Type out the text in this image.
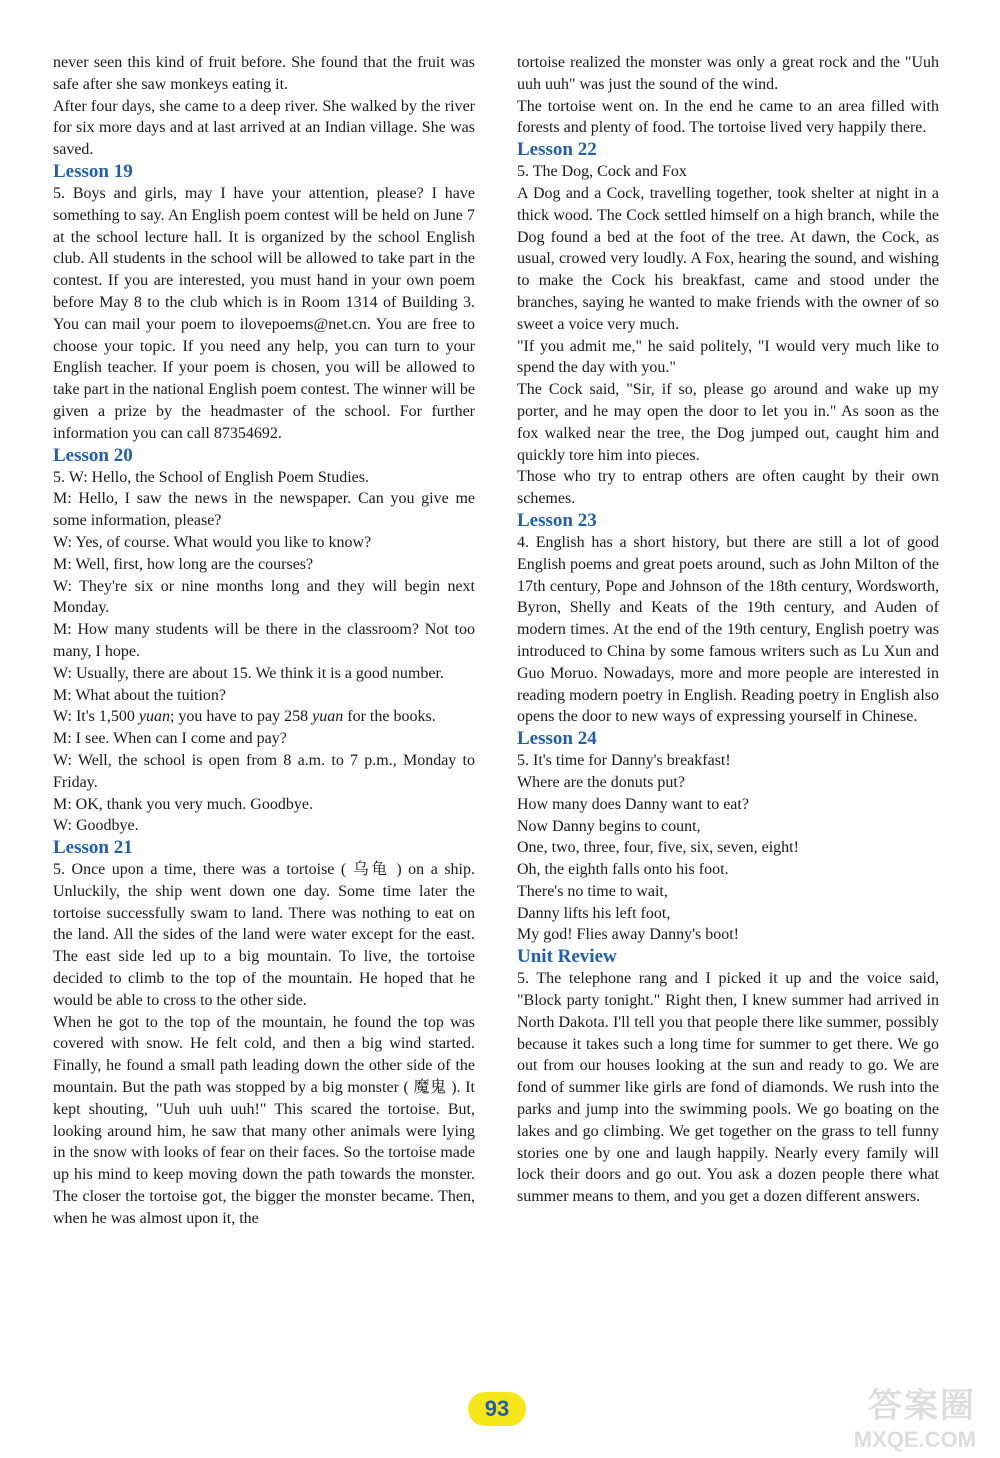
never seen this kind of fruit before. She found that the fruit was safe after she saw monkeys eating it.

After four days, she came to a deep river. She walked by the river for six more days and at last arrived at an Indian village. She was saved.

Lesson 19

5. Boys and girls, may I have your attention, please? I have something to say. An English poem contest will be held on June 7 at the school lecture hall. It is organized by the school English club. All students in the school will be allowed to take part in the contest. If you are interested, you must hand in your own poem before May 8 to the club which is in Room 1314 of Building 3. You can mail your poem to ilovepoems@net.cn. You are free to choose your topic. If you need any help, you can turn to your English teacher. If your poem is chosen, you will be allowed to take part in the national English poem contest. The winner will be given a prize by the headmaster of the school. For further information you can call 87354692.

Lesson 20

5. W: Hello, the School of English Poem Studies.

M: Hello, I saw the news in the newspaper. Can you give me some information, please?

W: Yes, of course. What would you like to know?

M: Well, first, how long are the courses?

W: They're six or nine months long and they will begin next Monday.

M: How many students will be there in the classroom? Not too many, I hope.

W: Usually, there are about 15. We think it is a good number.

M: What about the tuition?

W: It's 1,500 yuan; you have to pay 258 yuan for the books.

M: I see. When can I come and pay?

W: Well, the school is open from 8 a.m. to 7 p.m., Monday to Friday.

M: OK, thank you very much. Goodbye.

W: Goodbye.

Lesson 21

5. Once upon a time, there was a tortoise ( 乌龟 ) on a ship. Unluckily, the ship went down one day. Some time later the tortoise successfully swam to land. There was nothing to eat on the land. All the sides of the land were water except for the east. The east side led up to a big mountain. To live, the tortoise decided to climb to the top of the mountain. He hoped that he would be able to cross to the other side.

When he got to the top of the mountain, he found the top was covered with snow. He felt cold, and then a big wind started. Finally, he found a small path leading down the other side of the mountain. But the path was stopped by a big monster ( 魔鬼 ). It kept shouting, "Uuh uuh uuh!" This scared the tortoise. But, looking around him, he saw that many other animals were lying in the snow with looks of fear on their faces. So the tortoise made up his mind to keep moving down the path towards the monster. The closer the tortoise got, the bigger the monster became. Then, when he was almost upon it, the

tortoise realized the monster was only a great rock and the "Uuh uuh uuh" was just the sound of the wind.

The tortoise went on. In the end he came to an area filled with forests and plenty of food. The tortoise lived very happily there.

Lesson 22

5. The Dog, Cock and Fox

A Dog and a Cock, travelling together, took shelter at night in a thick wood. The Cock settled himself on a high branch, while the Dog found a bed at the foot of the tree. At dawn, the Cock, as usual, crowed very loudly. A Fox, hearing the sound, and wishing to make the Cock his breakfast, came and stood under the branches, saying he wanted to make friends with the owner of so sweet a voice very much.

"If you admit me," he said politely, "I would very much like to spend the day with you."

The Cock said, "Sir, if so, please go around and wake up my porter, and he may open the door to let you in." As soon as the fox walked near the tree, the Dog jumped out, caught him and quickly tore him into pieces.

Those who try to entrap others are often caught by their own schemes.

Lesson 23

4. English has a short history, but there are still a lot of good English poems and great poets around, such as John Milton of the 17th century, Pope and Johnson of the 18th century, Wordsworth, Byron, Shelly and Keats of the 19th century, and Auden of modern times. At the end of the 19th century, English poetry was introduced to China by some famous writers such as Lu Xun and Guo Moruo. Nowadays, more and more people are interested in reading modern poetry in English. Reading poetry in English also opens the door to new ways of expressing yourself in Chinese.

Lesson 24

5. It's time for Danny's breakfast!

Where are the donuts put?

How many does Danny want to eat?

Now Danny begins to count,

One, two, three, four, five, six, seven, eight!

Oh, the eighth falls onto his foot.

There's no time to wait,

Danny lifts his left foot,

My god! Flies away Danny's boot!

Unit Review

5. The telephone rang and I picked it up and the voice said, "Block party tonight." Right then, I knew summer had arrived in North Dakota. I'll tell you that people there like summer, possibly because it takes such a long time for summer to get there. We go out from our houses looking at the sun and ready to go. We are fond of summer like girls are fond of diamonds. We rush into the parks and jump into the swimming pools. We go boating on the lakes and go climbing. We get together on the grass to tell funny stories one by one and laugh happily. Nearly every family will lock their doors and go out. You ask a dozen people there what summer means to them, and you get a dozen different answers.

93	答案圈
MXQE.COM
